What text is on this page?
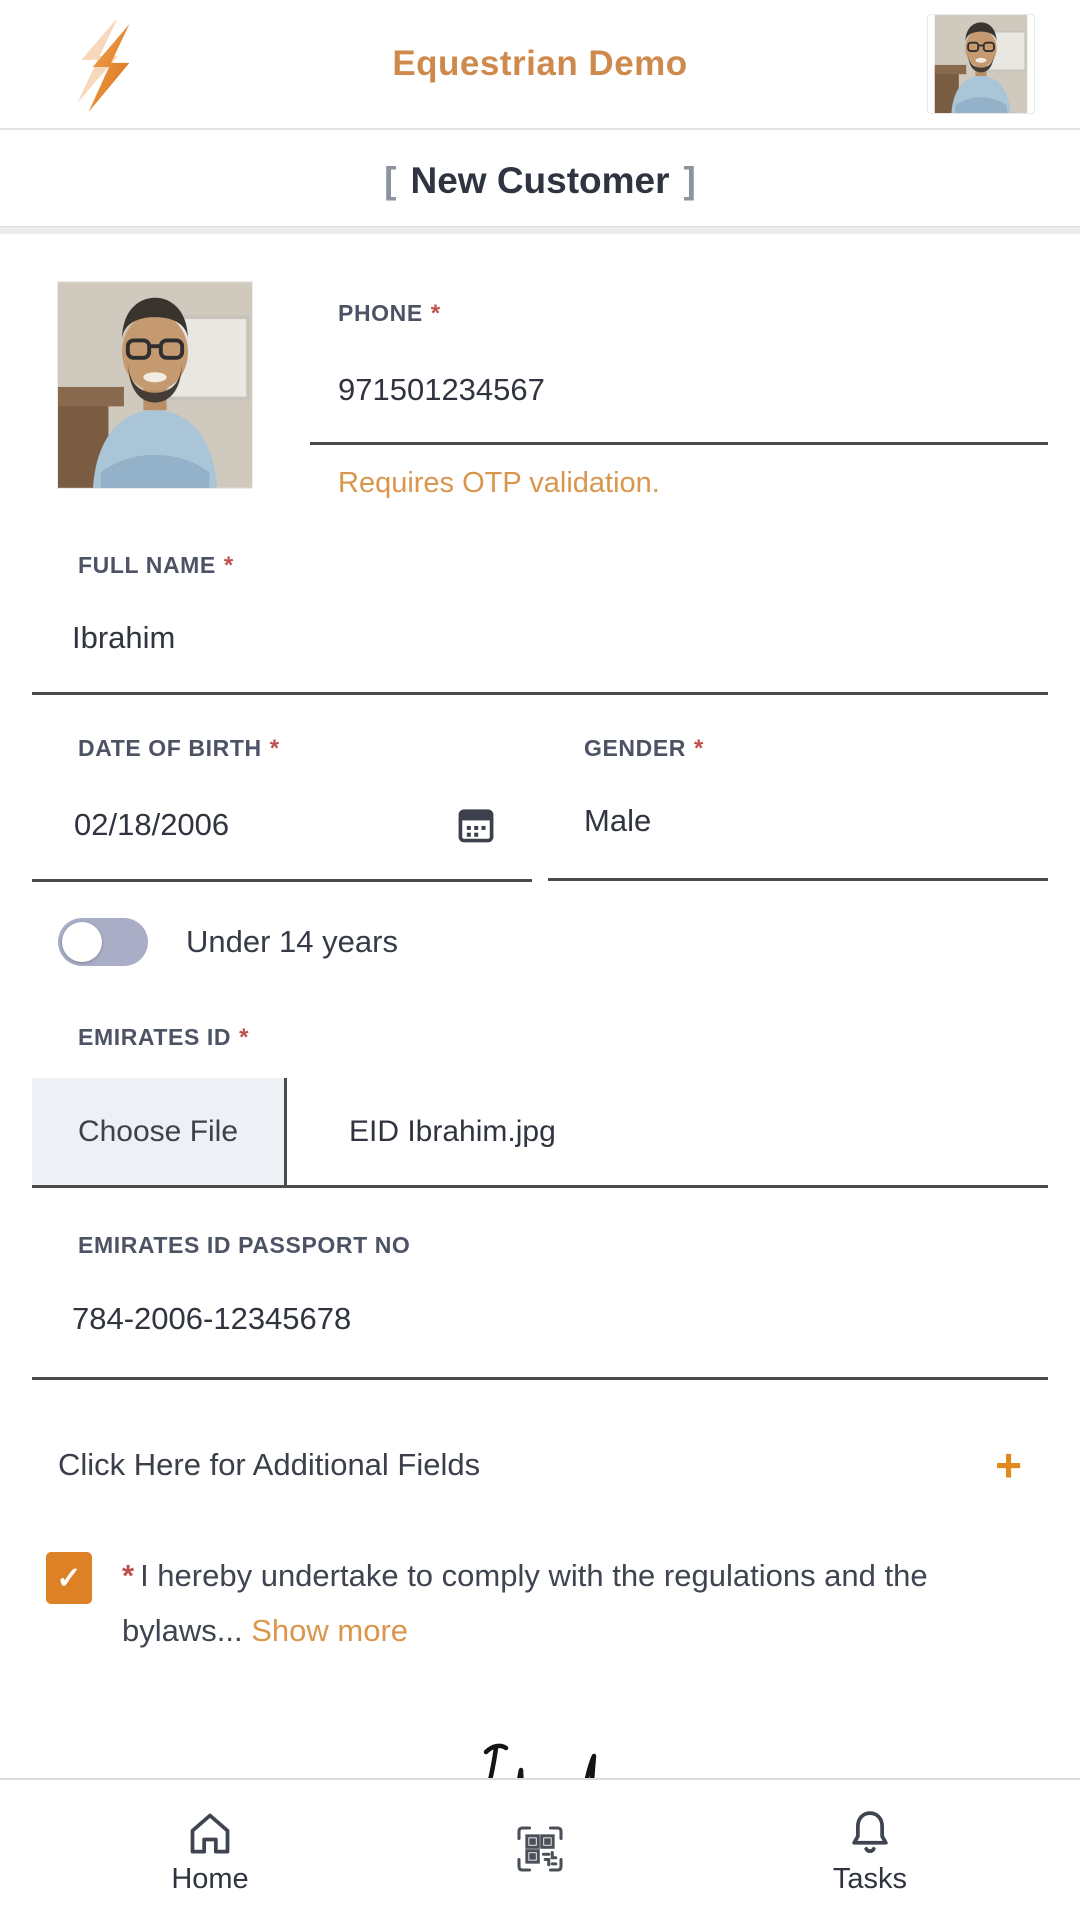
Equestrian Demo
[ New Customer ]
PHONE *
971501234567
Requires OTP validation.
FULL NAME *
Ibrahim
DATE OF BIRTH *
02/18/2006
GENDER *
Male
Under 14 years
EMIRATES ID *
Choose File	EID Ibrahim.jpg
EMIRATES ID PASSPORT NO
784-2006-12345678
Click Here for Additional Fields	+
✓	* I hereby undertake to comply with the regulations and the bylaws... Show more
Home	Tasks
